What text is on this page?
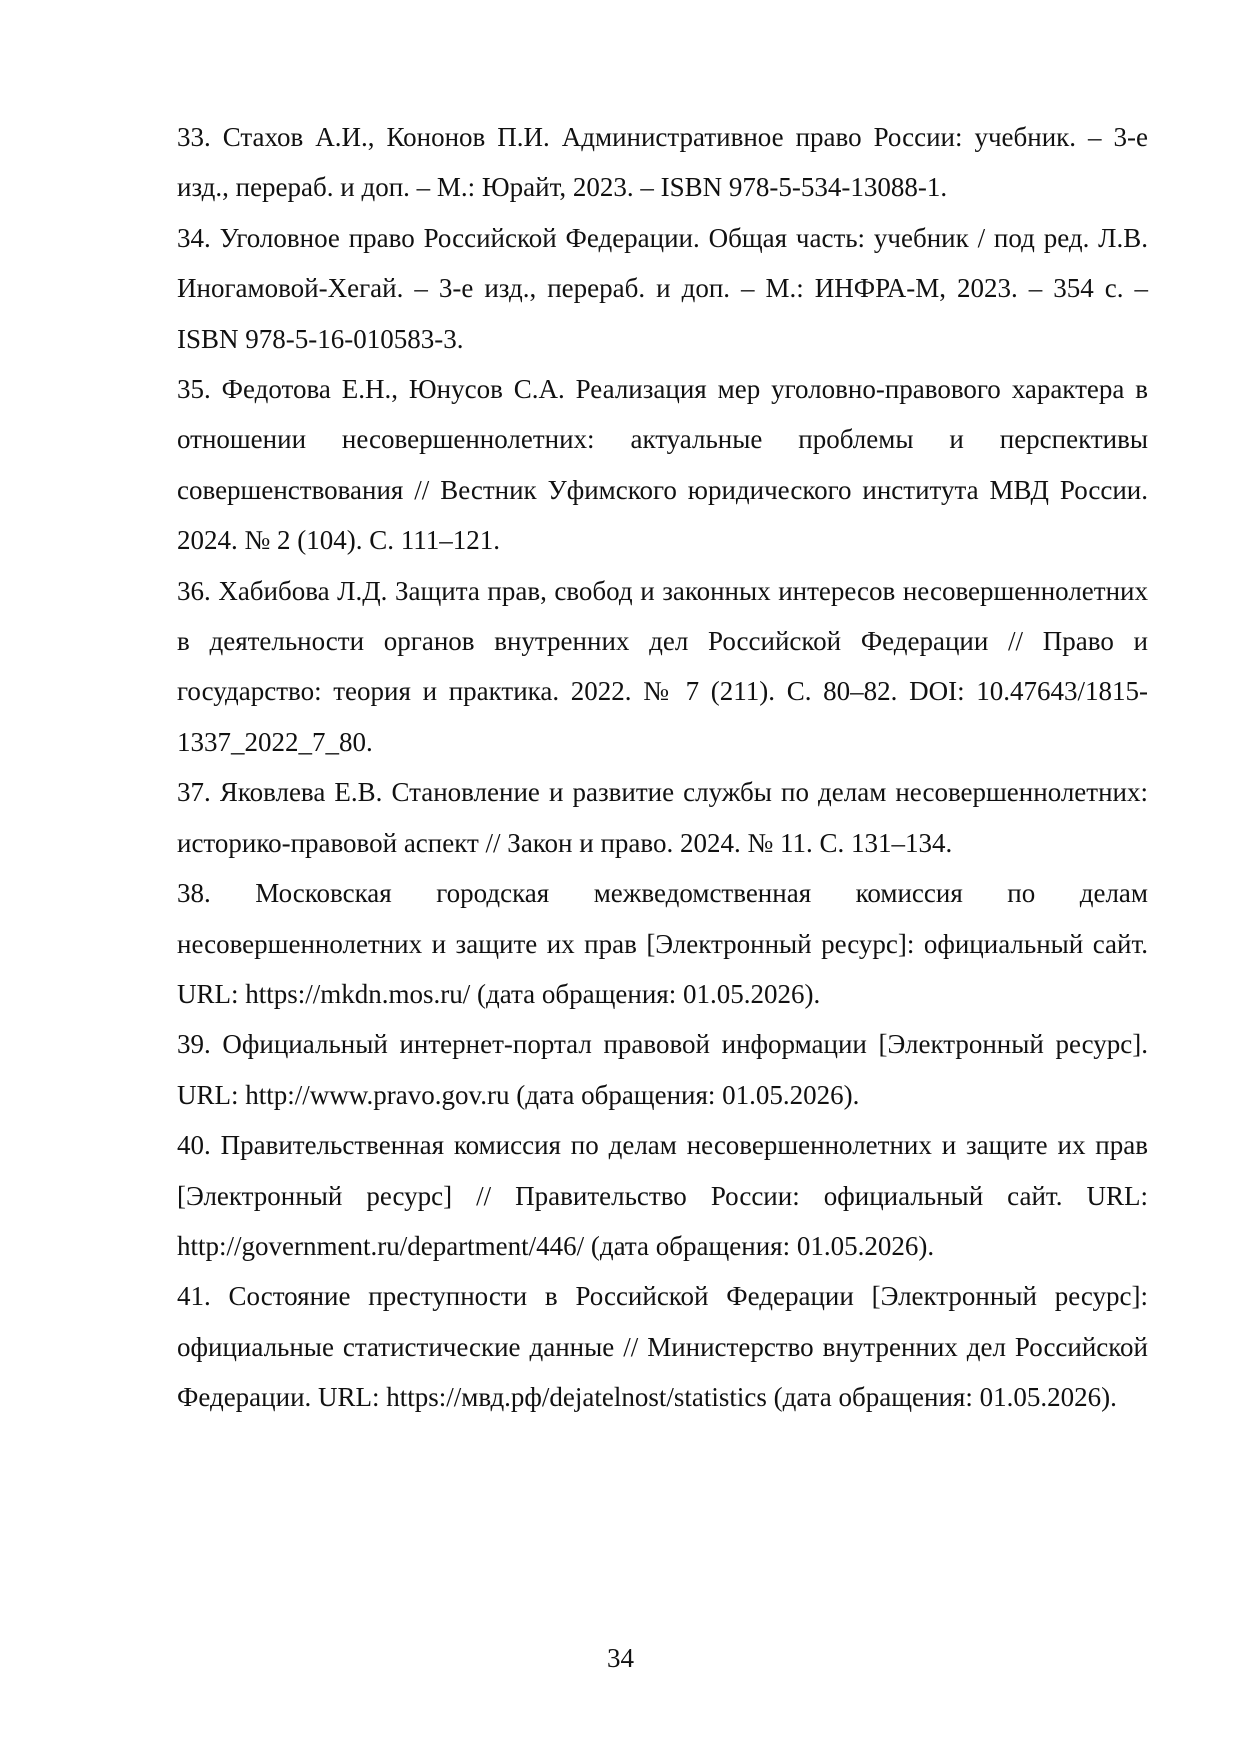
33. Стахов А.И., Кононов П.И. Административное право России: учебник. – 3-е изд., перераб. и доп. – М.: Юрайт, 2023. – ISBN 978-5-534-13088-1.
34. Уголовное право Российской Федерации. Общая часть: учебник / под ред. Л.В. Иногамовой-Хегай. – 3-е изд., перераб. и доп. – М.: ИНФРА-М, 2023. – 354 с. – ISBN 978-5-16-010583-3.
35. Федотова Е.Н., Юнусов С.А. Реализация мер уголовно-правового характера в отношении несовершеннолетних: актуальные проблемы и перспективы совершенствования // Вестник Уфимского юридического института МВД России. 2024. № 2 (104). С. 111–121.
36. Хабибова Л.Д. Защита прав, свобод и законных интересов несовершеннолетних в деятельности органов внутренних дел Российской Федерации // Право и государство: теория и практика. 2022. № 7 (211). С. 80–82. DOI: 10.47643/1815-1337_2022_7_80.
37. Яковлева Е.В. Становление и развитие службы по делам несовершеннолетних: историко-правовой аспект // Закон и право. 2024. № 11. С. 131–134.
38. Московская городская межведомственная комиссия по делам несовершеннолетних и защите их прав [Электронный ресурс]: официальный сайт. URL: https://mkdn.mos.ru/ (дата обращения: 01.05.2026).
39. Официальный интернет-портал правовой информации [Электронный ресурс]. URL: http://www.pravo.gov.ru (дата обращения: 01.05.2026).
40. Правительственная комиссия по делам несовершеннолетних и защите их прав [Электронный ресурс] // Правительство России: официальный сайт. URL: http://government.ru/department/446/ (дата обращения: 01.05.2026).
41. Состояние преступности в Российской Федерации [Электронный ресурс]: официальные статистические данные // Министерство внутренних дел Российской Федерации. URL: https://мвд.рф/dejatelnost/statistics (дата обращения: 01.05.2026).
34
